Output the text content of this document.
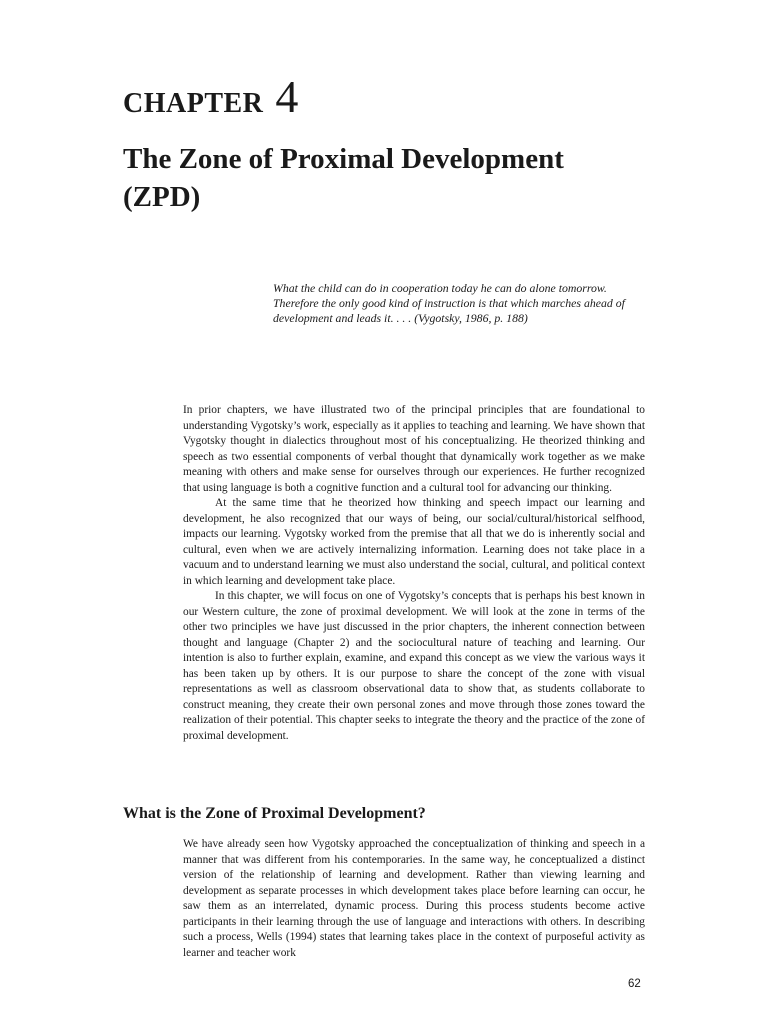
CHAPTER 4
The Zone of Proximal Development
(ZPD)
What the child can do in cooperation today he can do alone tomorrow.
Therefore the only good kind of instruction is that which marches ahead of
development and leads it. . . . (Vygotsky, 1986, p. 188)

In prior chapters, we have illustrated two of the principal principles that are foundational to understanding Vygotsky’s work, especially as it applies to teaching and learning. We have shown that Vygotsky thought in dialectics throughout most of his conceptualizing. He theorized thinking and speech as two essential components of verbal thought that dynamically work together as we make meaning with others and make sense for ourselves through our experiences. He further recognized that using language is both a cognitive function and a cultural tool for advancing our thinking.

At the same time that he theorized how thinking and speech impact our learning and development, he also recognized that our ways of being, our social/cultural/historical selfhood, impacts our learning. Vygotsky worked from the premise that all that we do is inherently social and cultural, even when we are actively internalizing information. Learning does not take place in a vacuum and to understand learning we must also understand the social, cultural, and political context in which learning and development take place.

In this chapter, we will focus on one of Vygotsky’s concepts that is perhaps his best known in our Western culture, the zone of proximal development. We will look at the zone in terms of the other two principles we have just discussed in the prior chapters, the inherent connection between thought and language (Chapter 2) and the sociocultural nature of teaching and learning. Our intention is also to further explain, examine, and expand this concept as we view the various ways it has been taken up by others. It is our purpose to share the concept of the zone with visual representations as well as classroom observational data to show that, as students collaborate to construct meaning, they create their own personal zones and move through those zones toward the realization of their potential. This chapter seeks to integrate the theory and the practice of the zone of proximal development.

What is the Zone of Proximal Development?

We have already seen how Vygotsky approached the conceptualization of thinking and speech in a manner that was different from his contemporaries. In the same way, he conceptualized a distinct version of the relationship of learning and development. Rather than viewing learning and development as separate processes in which development takes place before learning can occur, he saw them as an interrelated, dynamic process. During this process students become active participants in their learning through the use of language and interactions with others. In describing such a process, Wells (1994) states that learning takes place in the context of purposeful activity as learner and teacher work

62
